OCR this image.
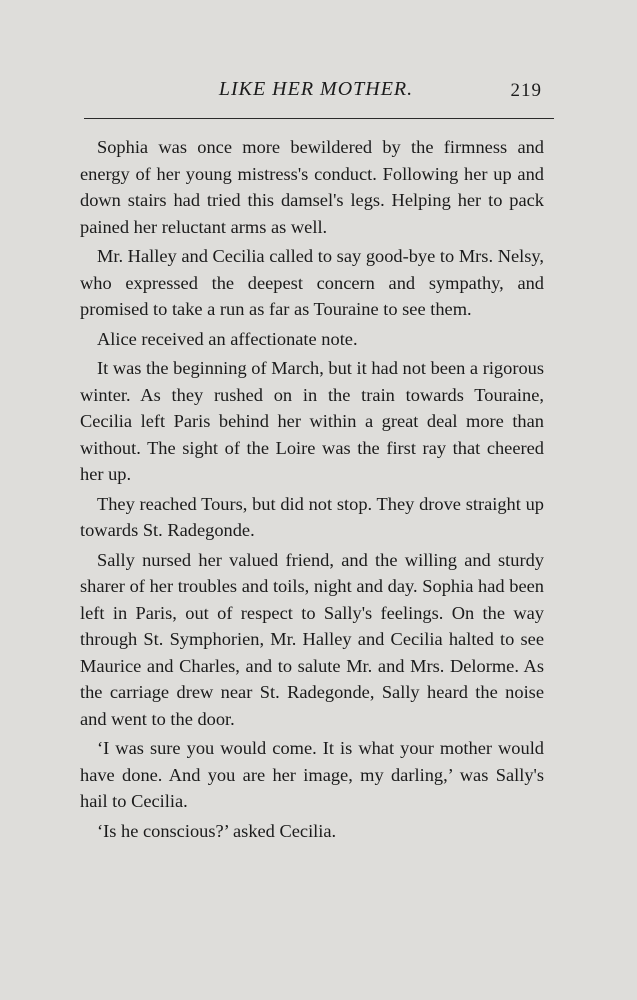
LIKE HER MOTHER.	219

Sophia was once more bewildered by the firmness and energy of her young mistress's conduct. Following her up and down stairs had tried this damsel's legs. Helping her to pack pained her reluctant arms as well.

Mr. Halley and Cecilia called to say good-bye to Mrs. Nelsy, who expressed the deepest concern and sympathy, and promised to take a run as far as Touraine to see them.

Alice received an affectionate note.

It was the beginning of March, but it had not been a rigorous winter. As they rushed on in the train towards Touraine, Cecilia left Paris behind her within a great deal more than without. The sight of the Loire was the first ray that cheered her up.

They reached Tours, but did not stop. They drove straight up towards St. Radegonde.

Sally nursed her valued friend, and the willing and sturdy sharer of her troubles and toils, night and day. Sophia had been left in Paris, out of respect to Sally's feelings. On the way through St. Symphorien, Mr. Halley and Cecilia halted to see Maurice and Charles, and to salute Mr. and Mrs. Delorme. As the carriage drew near St. Radegonde, Sally heard the noise and went to the door.

‘I was sure you would come. It is what your mother would have done. And you are her image, my darling,’ was Sally's hail to Cecilia.

‘Is he conscious?’ asked Cecilia.
